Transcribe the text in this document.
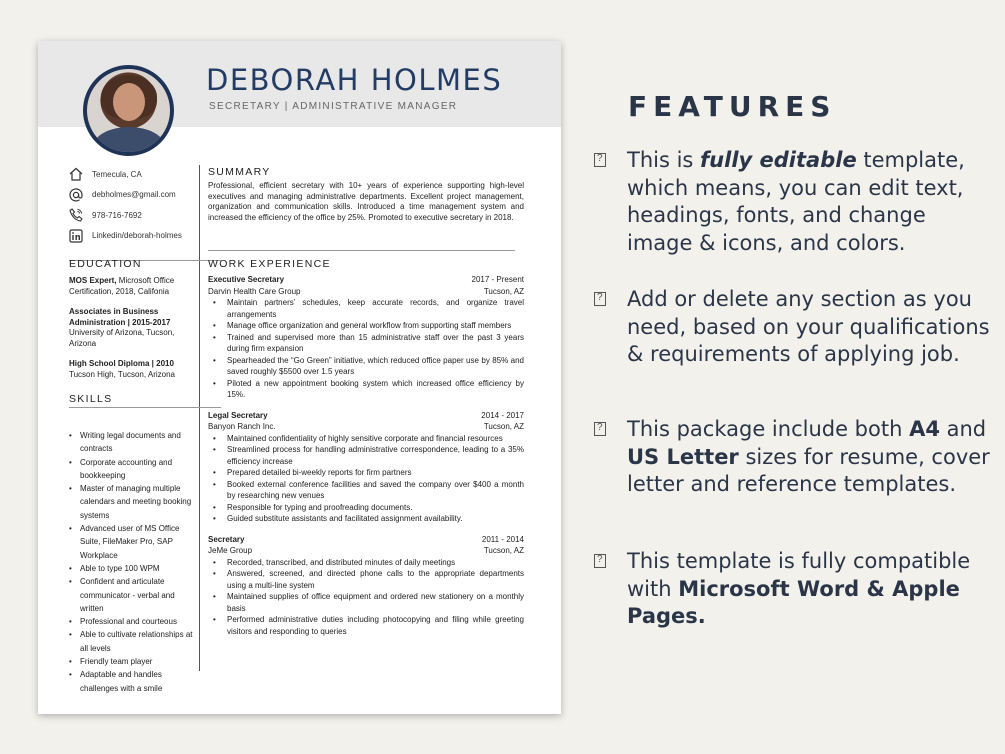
DEBORAH HOLMES
SECRETARY | ADMINISTRATIVE MANAGER
Temecula, CA
debholmes@gmail.com
978-716-7692
Linkedin/deborah-holmes
SUMMARY
Professional, efficient secretary with 10+ years of experience supporting high-level executives and managing administrative departments. Excellent project management, organization and communication skills. Introduced a time management system and increased the efficiency of the office by 25%. Promoted to executive secretary in 2018.
EDUCATION
MOS Expert, Microsoft Office Certification, 2018, Califonia
Associates in Business Administration | 2015-2017
University of Arizona, Tucson, Arizona
High School Diploma | 2010
Tucson High, Tucson, Arizona
SKILLS
• Writing legal documents and contracts
• Corporate accounting and bookkeeping
• Master of managing multiple calendars and meeting booking systems
• Advanced user of MS Office Suite, FileMaker Pro, SAP Workplace
• Able to type 100 WPM
• Confident and articulate communicator - verbal and written
• Professional and courteous
• Able to cultivate relationships at all levels
• Friendly team player
• Adaptable and handles challenges with a smile
WORK EXPERIENCE
Executive Secretary	2017 - Present
Darvin Health Care Group	Tucson, AZ
• Maintain partners’ schedules, keep accurate records, and organize travel arrangements
• Manage office organization and general workflow from supporting staff members
• Trained and supervised more than 15 administrative staff over the past 3 years during firm expansion
• Spearheaded the “Go Green” initiative, which reduced office paper use by 85% and saved roughly $5500 over 1.5 years
• Piloted a new appointment booking system which increased office efficiency by 15%.
Legal Secretary	2014 - 2017
Banyon Ranch Inc.	Tucson, AZ
• Maintained confidentiality of highly sensitive corporate and financial resources
• Streamlined process for handling administrative correspondence, leading to a 35% efficiency increase
• Prepared detailed bi-weekly reports for firm partners
• Booked external conference facilities and saved the company over $400 a month by researching new venues
• Responsible for typing and proofreading documents.
• Guided substitute assistants and facilitated assignment availability.
Secretary	2011 - 2014
JeMe Group	Tucson, AZ
• Recorded, transcribed, and distributed minutes of daily meetings
• Answered, screened, and directed phone calls to the appropriate departments using a multi-line system
• Maintained supplies of office equipment and ordered new stationery on a monthly basis
• Performed administrative duties including photocopying and filing while greeting visitors and responding to queries
FEATURES
?
This is fully editable template, which means, you can edit text, headings, fonts, and change image & icons, and colors.
?
Add or delete any section as you need, based on your qualifications & requirements of applying job.
?
This package include both A4 and US Letter sizes for resume, cover letter and reference templates.
?
This template is fully compatible with Microsoft Word & Apple Pages.
